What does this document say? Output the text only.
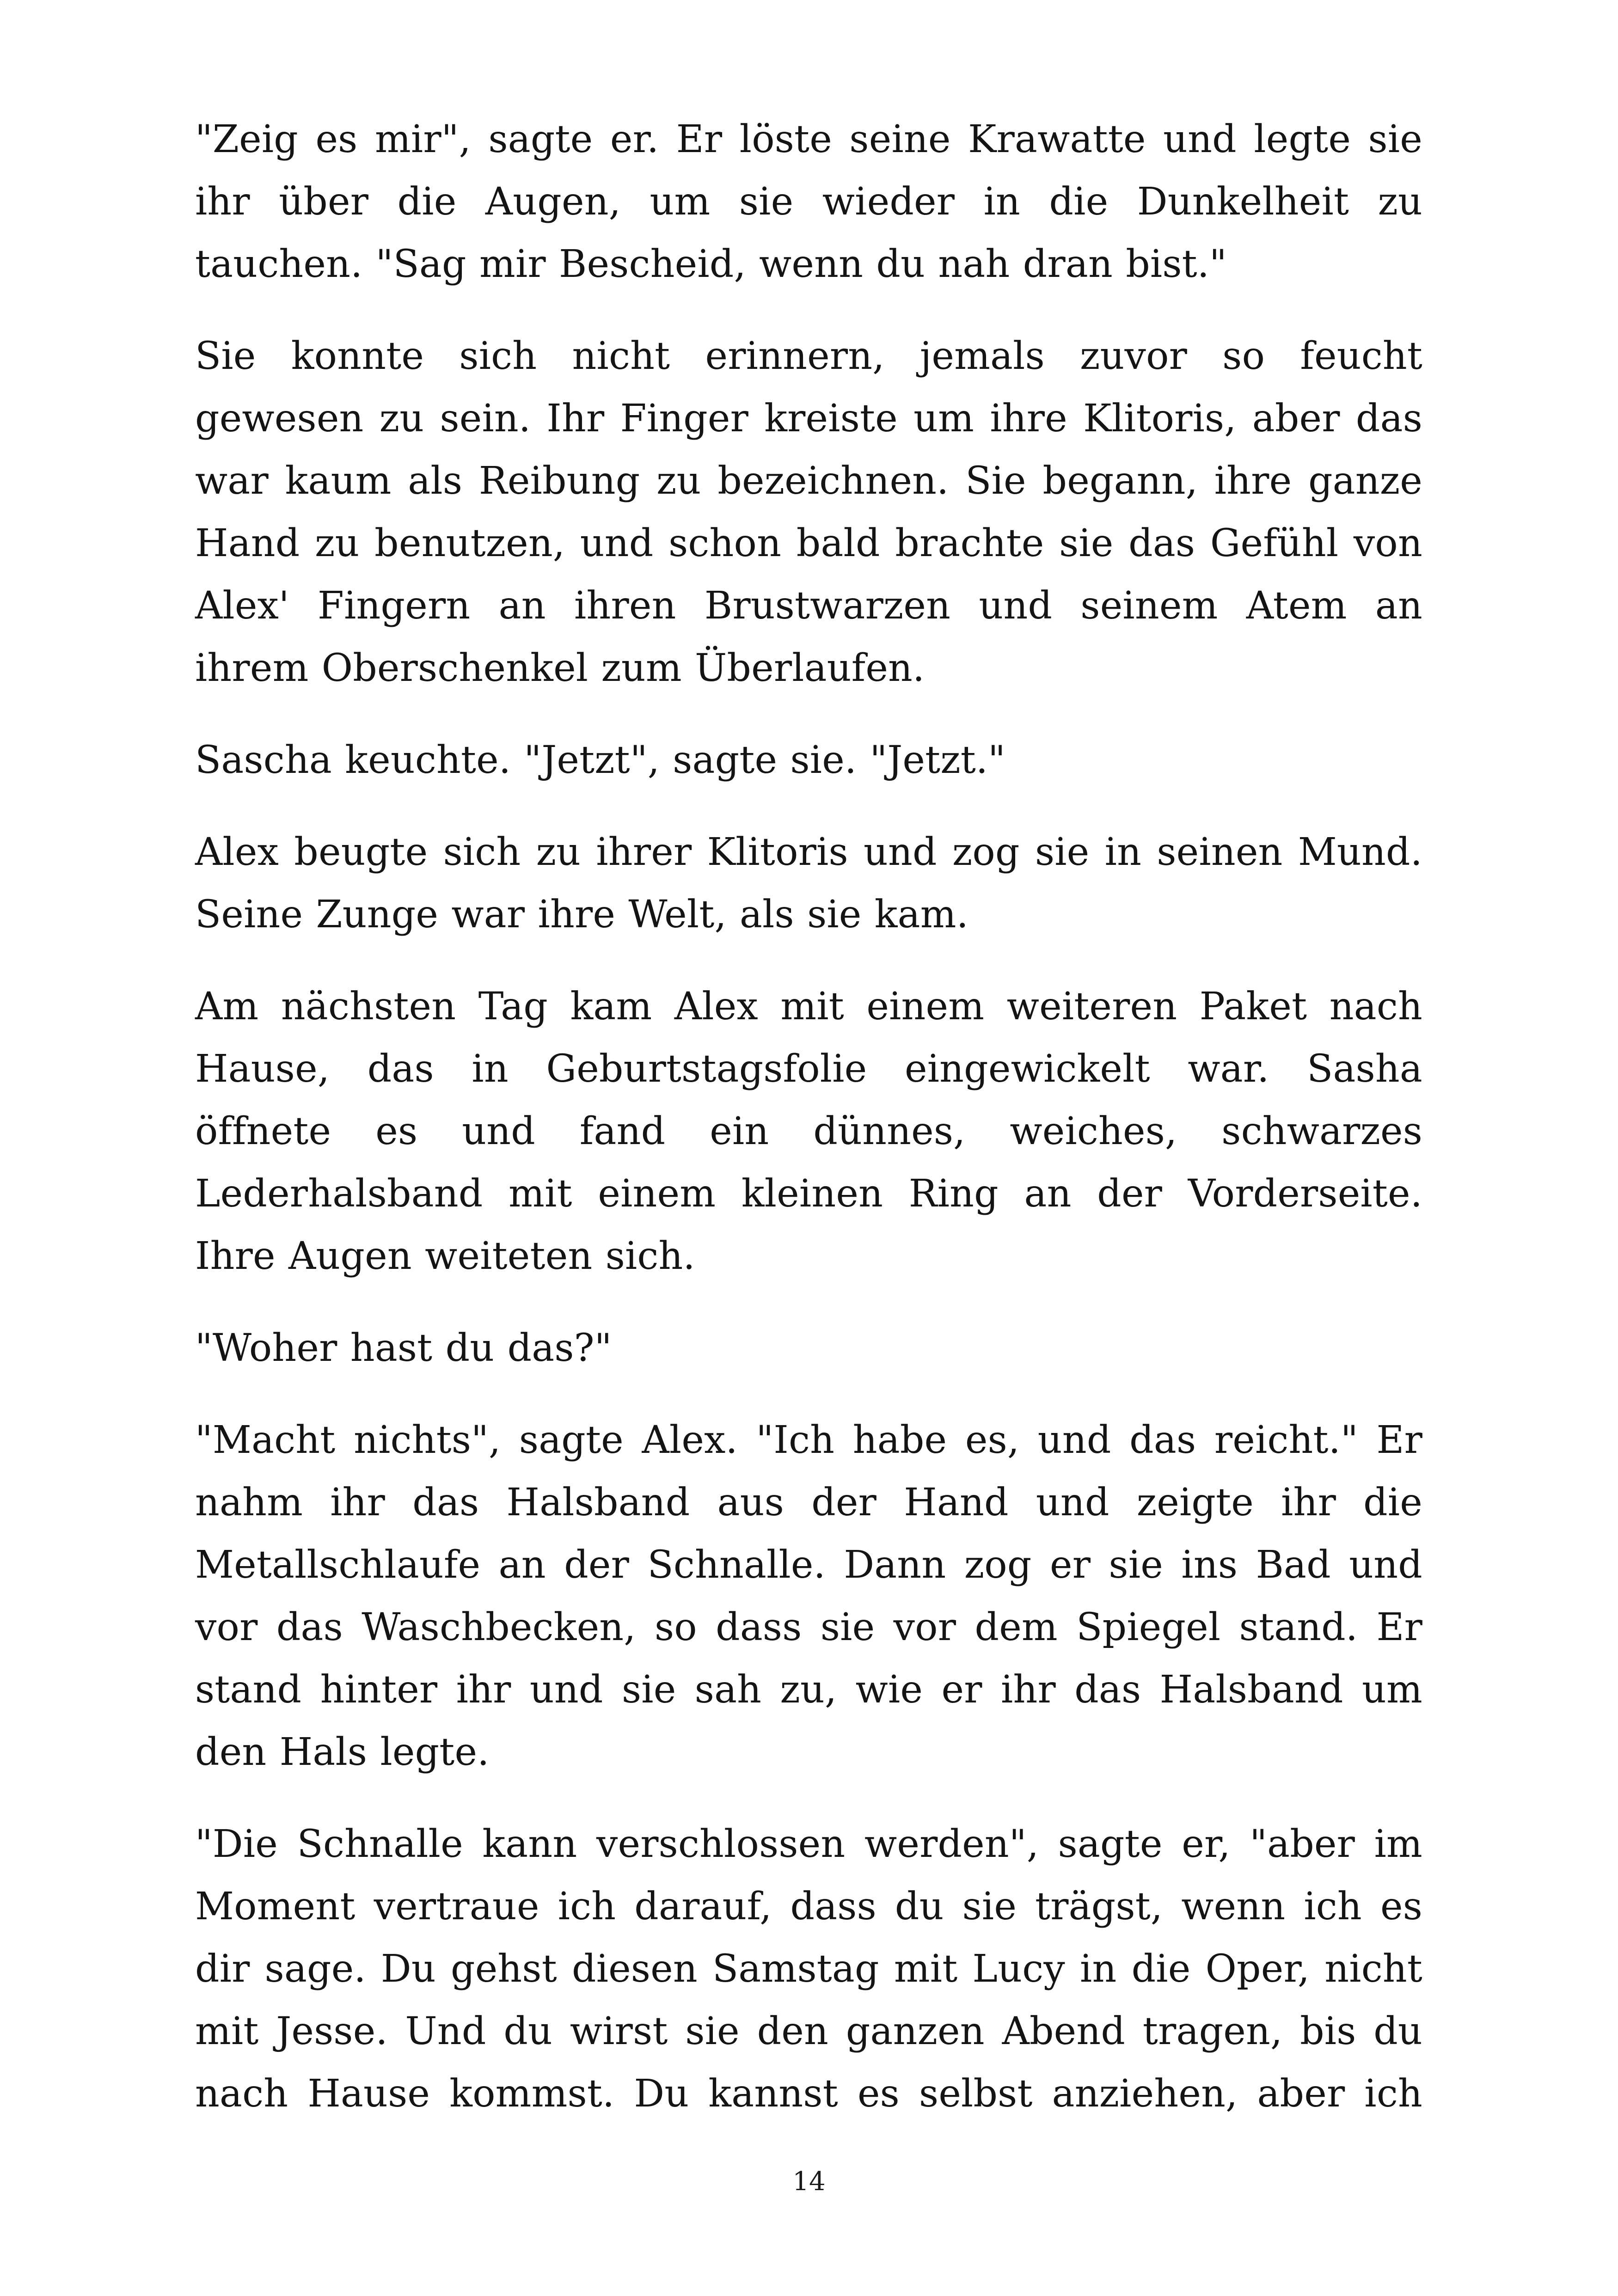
"Zeig es mir", sagte er. Er löste seine Krawatte und legte sie ihr über die Augen, um sie wieder in die Dunkelheit zu tauchen. "Sag mir Bescheid, wenn du nah dran bist."

Sie konnte sich nicht erinnern, jemals zuvor so feucht gewesen zu sein. Ihr Finger kreiste um ihre Klitoris, aber das war kaum als Reibung zu bezeichnen. Sie begann, ihre ganze Hand zu benutzen, und schon bald brachte sie das Gefühl von Alex' Fingern an ihren Brustwarzen und seinem Atem an ihrem Oberschenkel zum Überlaufen.

Sascha keuchte. "Jetzt", sagte sie. "Jetzt."

Alex beugte sich zu ihrer Klitoris und zog sie in seinen Mund. Seine Zunge war ihre Welt, als sie kam.

Am nächsten Tag kam Alex mit einem weiteren Paket nach Hause, das in Geburtstagsfolie eingewickelt war. Sasha öffnete es und fand ein dünnes, weiches, schwarzes Lederhalsband mit einem kleinen Ring an der Vorderseite. Ihre Augen weiteten sich.

"Woher hast du das?"

"Macht nichts", sagte Alex. "Ich habe es, und das reicht." Er nahm ihr das Halsband aus der Hand und zeigte ihr die Metallschlaufe an der Schnalle. Dann zog er sie ins Bad und vor das Waschbecken, so dass sie vor dem Spiegel stand. Er stand hinter ihr und sie sah zu, wie er ihr das Halsband um den Hals legte.

"Die Schnalle kann verschlossen werden", sagte er, "aber im Moment vertraue ich darauf, dass du sie trägst, wenn ich es dir sage. Du gehst diesen Samstag mit Lucy in die Oper, nicht mit Jesse. Und du wirst sie den ganzen Abend tragen, bis du nach Hause kommst. Du kannst es selbst anziehen, aber ich

14
